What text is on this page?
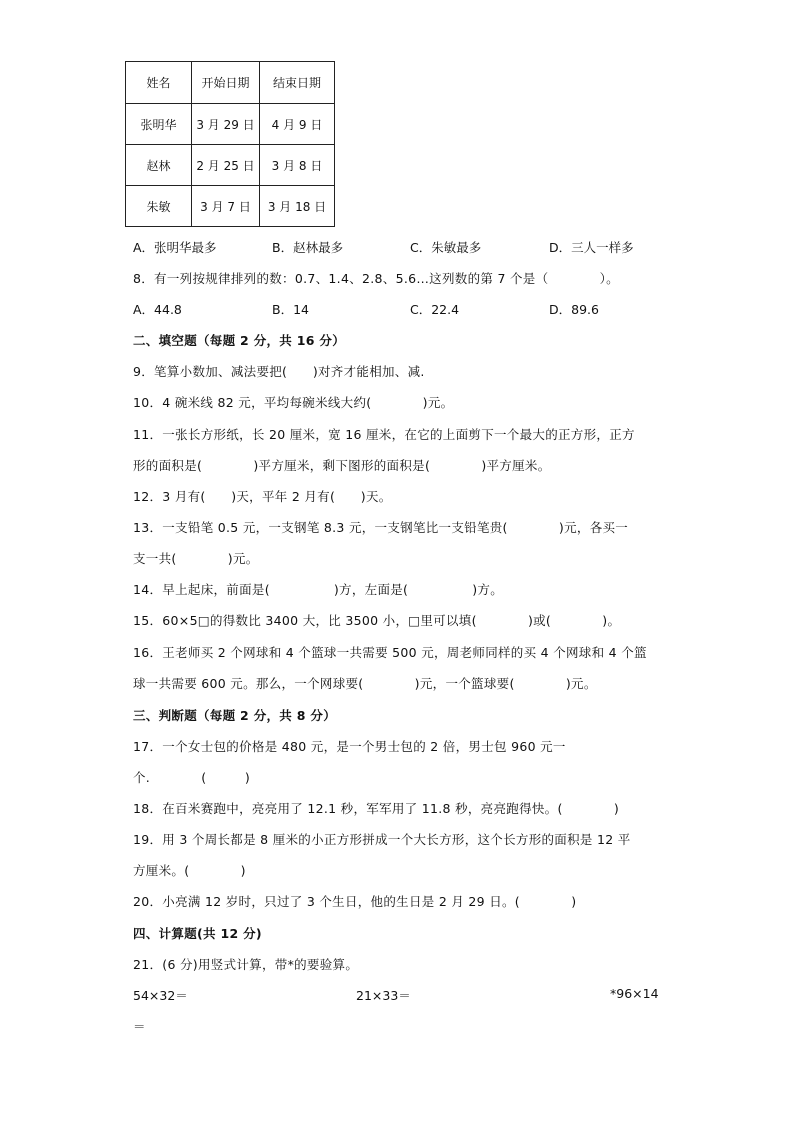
姓名	开始日期	结束日期
张明华	3 月 29 日	4 月 9 日
赵林	2 月 25 日	3 月 8 日
朱敏	3 月 7 日	3 月 18 日
A．张明华最多	B．赵林最多	C．朱敏最多	D．三人一样多
8．有一列按规律排列的数：0.7、1.4、2.8、5.6…这列数的第 7 个是（　　　　）。
A．44.8	B．14	C．22.4	D．89.6
二、填空题（每题 2 分，共 16 分）
9．笔算小数加、减法要把(　　)对齐才能相加、减.
10．4 碗米线 82 元，平均每碗米线大约(　　　　)元。
11．一张长方形纸，长 20 厘米，宽 16 厘米，在它的上面剪下一个最大的正方形，正方
形的面积是(　　　　)平方厘米，剩下图形的面积是(　　　　)平方厘米。
12．3 月有(　　)天，平年 2 月有(　　)天。
13．一支铅笔 0.5 元，一支钢笔 8.3 元，一支钢笔比一支铅笔贵(　　　　)元，各买一
支一共(　　　　)元。
14．早上起床，前面是(　　　　　)方，左面是(　　　　　)方。
15．60×5□的得数比 3400 大，比 3500 小，□里可以填(　　　　)或(　　　　)。
16．王老师买 2 个网球和 4 个篮球一共需要 500 元，周老师同样的买 4 个网球和 4 个篮
球一共需要 600 元。那么，一个网球要(　　　　)元，一个篮球要(　　　　)元。
三、判断题（每题 2 分，共 8 分）
17．一个女士包的价格是 480 元，是一个男士包的 2 倍，男士包 960 元一
个.　　　　(　　　)
18．在百米赛跑中，亮亮用了 12.1 秒，军军用了 11.8 秒，亮亮跑得快。(　　　　)
19．用 3 个周长都是 8 厘米的小正方形拼成一个大长方形，这个长方形的面积是 12 平
方厘米。(　　　　)
20．小亮满 12 岁时，只过了 3 个生日，他的生日是 2 月 29 日。(　　　　)
四、计算题(共 12 分)
21．(6 分)用竖式计算，带*的要验算。
54×32＝	21×33＝	*96×14
＝
